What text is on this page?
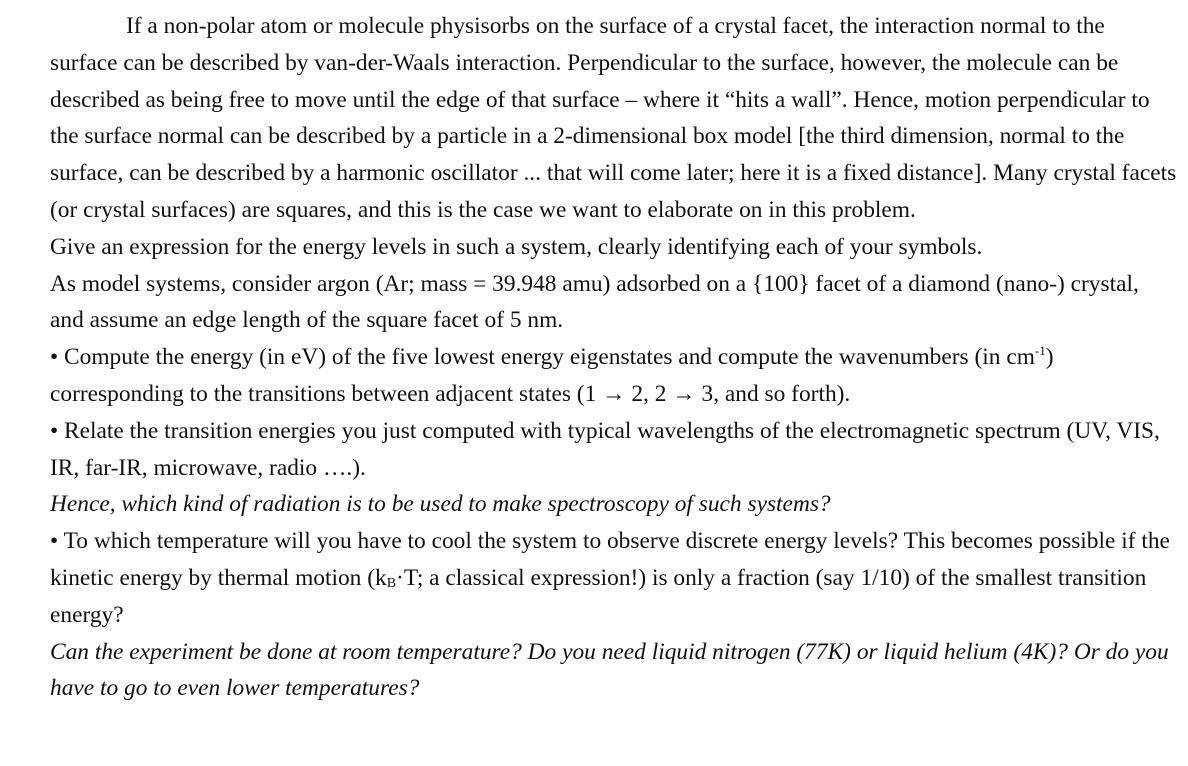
If a non-polar atom or molecule physisorbs on the surface of a crystal facet, the interaction normal to the surface can be described by van-der-Waals interaction. Perpendicular to the surface, however, the molecule can be described as being free to move until the edge of that surface – where it “hits a wall”. Hence, motion perpendicular to the surface normal can be described by a particle in a 2-dimensional box model [the third dimension, normal to the surface, can be described by a harmonic oscillator ... that will come later; here it is a fixed distance]. Many crystal facets (or crystal surfaces) are squares, and this is the case we want to elaborate on in this problem.

Give an expression for the energy levels in such a system, clearly identifying each of your symbols.

As model systems, consider argon (Ar; mass = 39.948 amu) adsorbed on a {100} facet of a diamond (nano-) crystal, and assume an edge length of the square facet of 5 nm.

• Compute the energy (in eV) of the five lowest energy eigenstates and compute the wavenumbers (in $cm^{-1}$) corresponding to the transitions between adjacent states (1 → 2, 2 → 3, and so forth).

• Relate the transition energies you just computed with typical wavelengths of the electromagnetic spectrum (UV, VIS, IR, far-IR, microwave, radio ….).

Hence, which kind of radiation is to be used to make spectroscopy of such systems?

• To which temperature will you have to cool the system to observe discrete energy levels? This becomes possible if the kinetic energy by thermal motion ($k_B\cdot T$; a classical expression!) is only a fraction (say 1/10) of the smallest transition energy?

Can the experiment be done at room temperature? Do you need liquid nitrogen (77K) or liquid helium (4K)? Or do you have to go to even lower temperatures?
